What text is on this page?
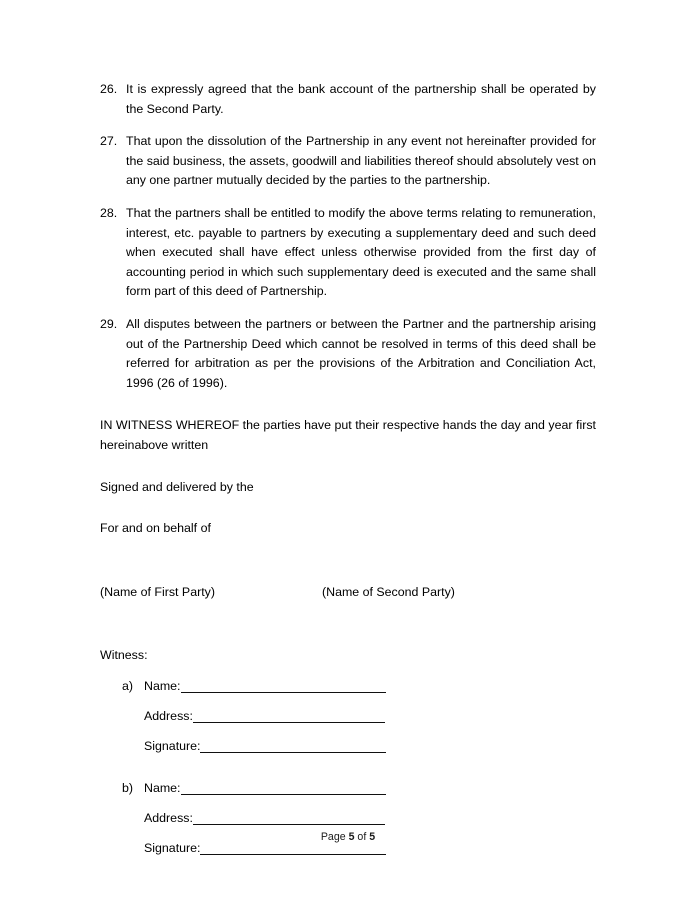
26. It is expressly agreed that the bank account of the partnership shall be operated by the Second Party.
27. That upon the dissolution of the Partnership in any event not hereinafter provided for the said business, the assets, goodwill and liabilities thereof should absolutely vest on any one partner mutually decided by the parties to the partnership.
28. That the partners shall be entitled to modify the above terms relating to remuneration, interest, etc. payable to partners by executing a supplementary deed and such deed when executed shall have effect unless otherwise provided from the first day of accounting period in which such supplementary deed is executed and the same shall form part of this deed of Partnership.
29. All disputes between the partners or between the Partner and the partnership arising out of the Partnership Deed which cannot be resolved in terms of this deed shall be referred for arbitration as per the provisions of the Arbitration and Conciliation Act, 1996 (26 of 1996).
IN WITNESS WHEREOF the parties have put their respective hands the day and year first hereinabove written
Signed and delivered by the
For and on behalf of
(Name of First Party)	(Name of Second Party)
Witness:
a) Name:
Address:
Signature:
b) Name:
Address:
Signature:
Page 5 of 5
